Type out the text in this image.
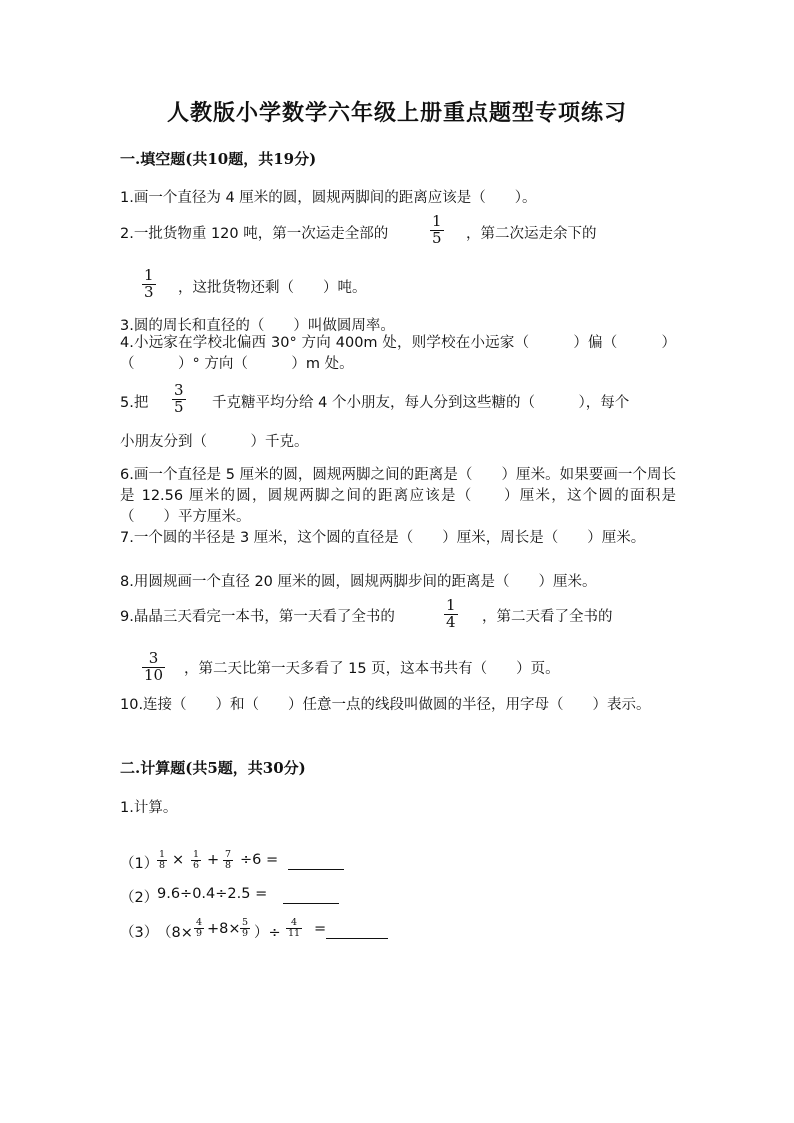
人教版小学数学六年级上册重点题型专项练习
一.填空题(共10题，共19分)
1.画一个直径为 4 厘米的圆，圆规两脚间的距离应该是（　　）。
2.一批货物重 120 吨，第一次运走全部的	$\frac{1}{5}$ ，第二次运走余下的
$\frac{1}{3}$ ，这批货物还剩（　　）吨。
3.圆的周长和直径的（　　）叫做圆周率。
4.小远家在学校北偏西 30° 方向 400m 处，则学校在小远家（　　　）偏（　　　）（　　　）° 方向（　　　）m 处。
5.把 $\frac{3}{5}$ 千克糖平均分给 4 个小朋友，每人分到这些糖的（　　　），每个
小朋友分到（　　　）千克。
6.画一个直径是 5 厘米的圆，圆规两脚之间的距离是（　　）厘米。如果要画一个周长是 12.56 厘米的圆，圆规两脚之间的距离应该是（　　）厘米，这个圆的面积是（　　）平方厘米。
7.一个圆的半径是 3 厘米，这个圆的直径是（　　）厘米，周长是（　　）厘米。
8.用圆规画一个直径 20 厘米的圆，圆规两脚步间的距离是（　　）厘米。
9.晶晶三天看完一本书，第一天看了全书的	$\frac{1}{4}$ ，第二天看了全书的
$\frac{3}{10}$ ，第二天比第一天多看了 15 页，这本书共有（　　）页。
10.连接（　　）和（　　）任意一点的线段叫做圆的半径，用字母（　　）表示。
二.计算题(共5题，共30分)
1.计算。
（1）
$\frac{1}{8} \times \frac{1}{6} + \frac{7}{8} \div 6$ =
（2）
9.6÷0.4÷2.5 =
（3）
（$8\times \frac{4}{9} +8\times \frac{5}{9}$ ）÷ $\frac{4}{11}$ =
